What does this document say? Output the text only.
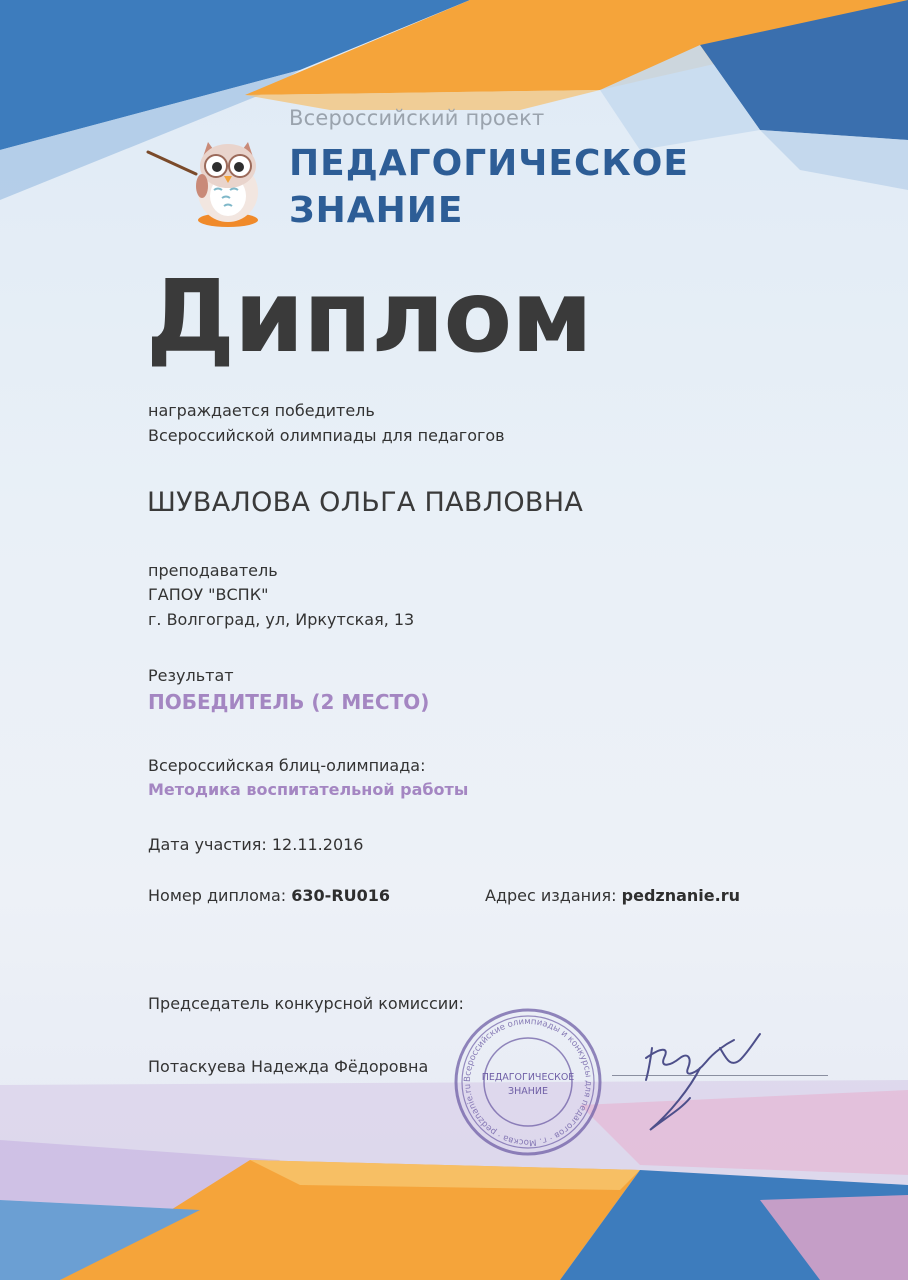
Всероссийский проект
ПЕДАГОГИЧЕСКОЕ
ЗНАНИЕ
Диплом
награждается победитель
Всероссийской олимпиады для педагогов
ШУВАЛОВА ОЛЬГА ПАВЛОВНА
преподаватель
ГАПОУ "ВСПК"
г. Волгоград, ул, Иркутская, 13
Результат
ПОБЕДИТЕЛЬ (2 МЕСТО)
Всероссийская блиц-олимпиада:
Методика воспитательной работы
Дата участия: 12.11.2016
Номер диплома: 630-RU016	Адрес издания: pedznanie.ru
Председатель конкурсной комиссии:
Потаскуева Надежда Фёдоровна
Всероссийские олимпиады и конкурсы для педагогов · г. Москва · pedznanie.ru
ПЕДАГОГИЧЕСКОЕ
ЗНАНИЕ
